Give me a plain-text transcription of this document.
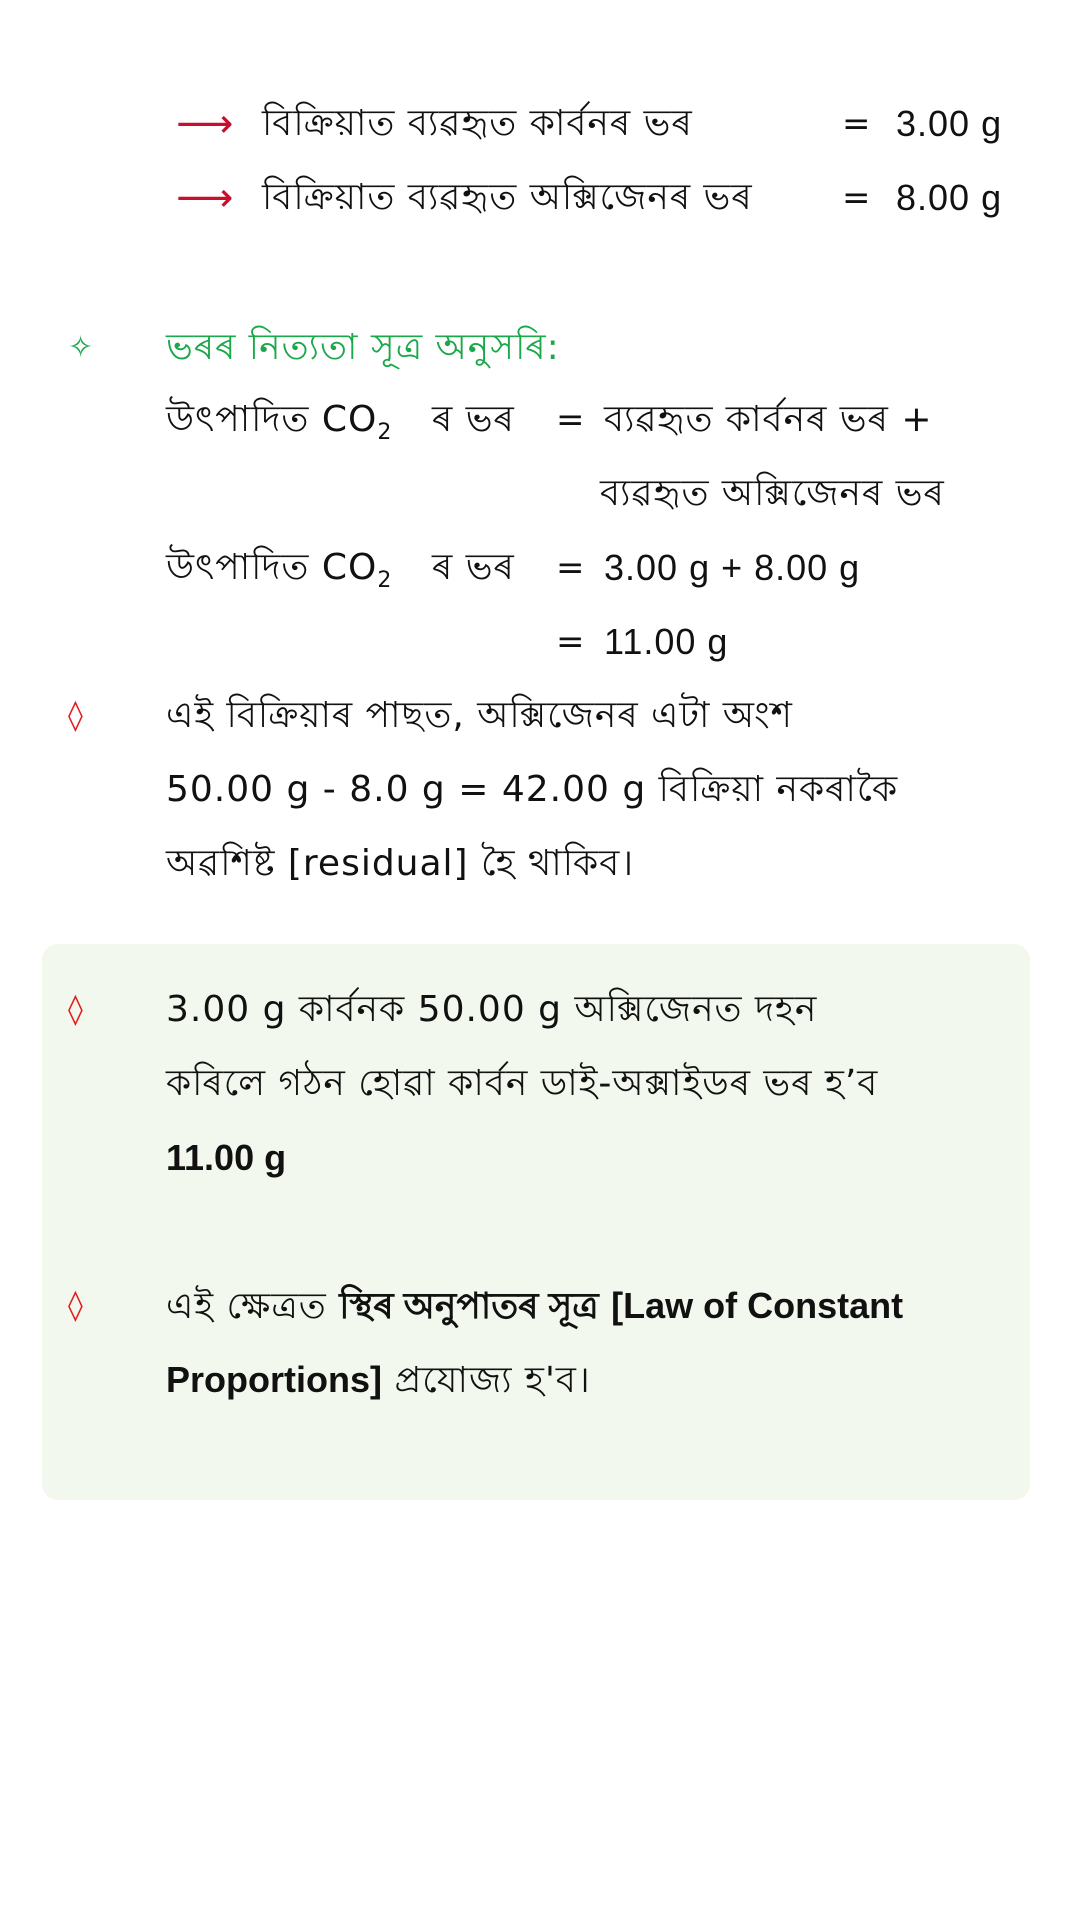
⟶ বিক্ৰিয়াত ব্যৱহৃত কাৰ্বনৰ ভৰ	= 3.00 g
⟶ বিক্ৰিয়াত ব্যৱহৃত অক্সিজেনৰ ভৰ	= 8.00 g
✧ ভৰৰ নিত্যতা সূত্ৰ অনুসৰি:
উৎপাদিত $CO_2$ ৰ ভৰ = ব্যৱহৃত কাৰ্বনৰ ভৰ +
ব্যৱহৃত অক্সিজেনৰ ভৰ
উৎপাদিত $CO_2$ ৰ ভৰ = 3.00 g + 8.00 g
= 11.00 g
◊ এই বিক্ৰিয়াৰ পাছত, অক্সিজেনৰ এটা অংশ
50.00 g - 8.0 g = 42.00 g বিক্ৰিয়া নকৰাকৈ
অৱশিষ্ট [residual] হৈ থাকিব।
◊ 3.00 g কাৰ্বনক 50.00 g অক্সিজেনত দহন
কৰিলে গঠন হোৱা কাৰ্বন ডাই-অক্সাইডৰ ভৰ হ’ব
11.00 g
◊ এই ক্ষেত্ৰত স্থিৰ অনুপাতৰ সূত্ৰ [Law of Constant
Proportions] প্ৰযোজ্য হ'ব।
